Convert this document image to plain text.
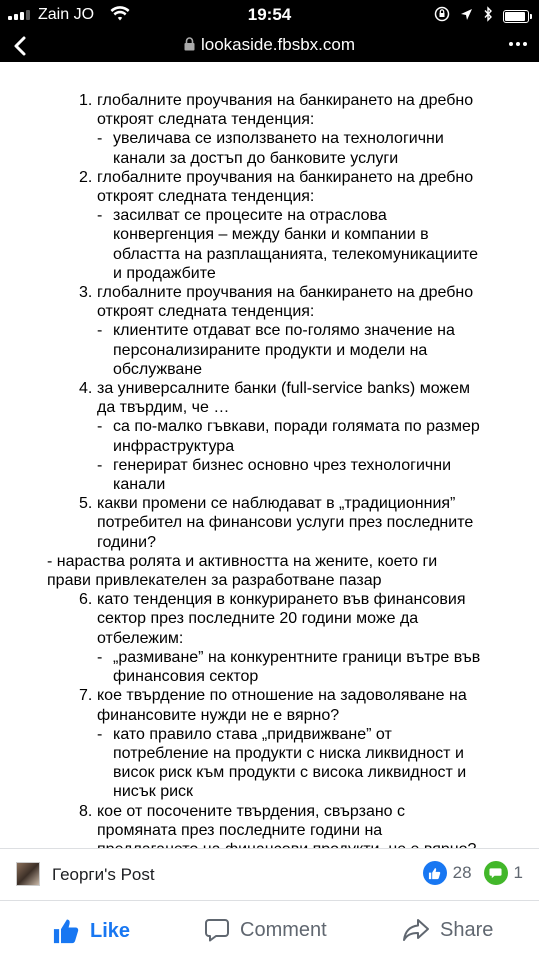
Zain JO	19:54
lookaside.fbsbx.com
1. глобалните проучвания на банкирането на дребно
откроят следната тенденция:
- увеличава се използването на технологични
канали за достъп до банковите услуги
2. глобалните проучвания на банкирането на дребно
откроят следната тенденция:
- засилват се процесите на отраслова
конвергенция – между банки и компании в
областта на разплащанията, телекомуникациите
и продажбите
3. глобалните проучвания на банкирането на дребно
откроят следната тенденция:
- клиентите отдават все по-голямо значение на
персонализираните продукти и модели на
обслужване
4. за универсалните банки (full-service banks) можем
да твърдим, че …
- са по-малко гъвкави, поради голямата по размер
инфраструктура
- генерират бизнес основно чрез технологични
канали
5. какви промени се наблюдават в „традиционния”
потребител на финансови услуги през последните
години?
- нараства ролята и активността на жените, което ги
прави привлекателен за разработване пазар
6. като тенденция в конкурирането във финансовия
сектор през последните 20 години може да
отбележим:
- „размиване” на конкурентните граници вътре във
финансовия сектор
7. кое твърдение по отношение на задоволяване на
финансовите нужди не е вярно?
- като правило става „придвижване” от
потребление на продукти с ниска ликвидност и
висок риск към продукти с висока ликвидност и
нисък риск
8. кое от посочените твърдения, свързано с
промяната през последните години на
Георги's Post	28 1
Like	Comment	Share
